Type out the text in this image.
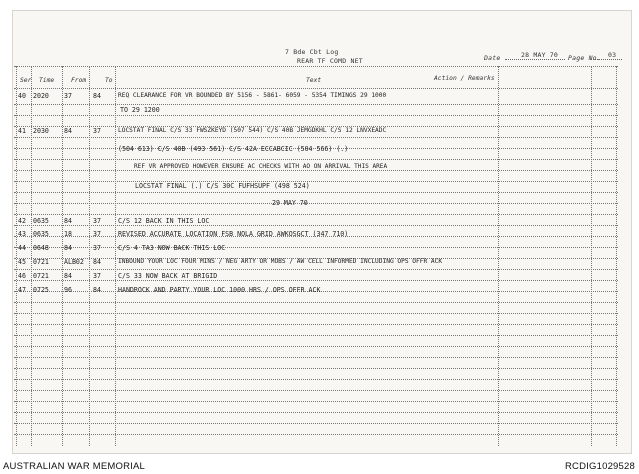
7 Bde Cbt Log
REAR TF COMD NET	Date	28 MAY 70 Page No. 03
Ser Time	From	To	Text	Action / Remarks
40 2020 37	84	REQ CLEARANCE FOR VR BOUNDED BY 5156 - 5861- 6059 - 5354 TIMINGS 29 1000
TO 29 1200
41 2030 84	37	LOCSTAT FINAL C/S 33 FWSZKEYD (507 544) C/S 40B JEMGDKHL C/S 12 LNVXEADC
(504 613) C/S 40B (493 561) C/S 42A ECCABCIC (504 566) (.)
REF VR APPROVED HOWEVER ENSURE AC CHECKS WITH AO ON ARRIVAL THIS AREA
LOCSTAT FINAL (.) C/S 30C FUFHSUPF (498 524)
29 MAY 70
42 0635 84	37	C/S 12 BACK IN THIS LOC
43 0635 18	37	REVISED ACCURATE LOCATION FSB NOLA GRID AWKOSGCT (347 710)
44 0648 84	37	C/S 4 TA3 NOW BACK THIS LOC
45 0721 ALB02 84	INBOUND YOUR LOC FOUR MINS / NEG ARTY OR MOBS / AW CELL INFORMED INCLUDING OPS OFFR ACK
46 0721 84	37	C/S 33 NOW BACK AT BRIGID
47 0725 96	84	HANDROCK AND PARTY YOUR LOC 1000 HRS / OPS OFFR ACK
AUSTRALIAN WAR MEMORIAL	RCDIG1029528
